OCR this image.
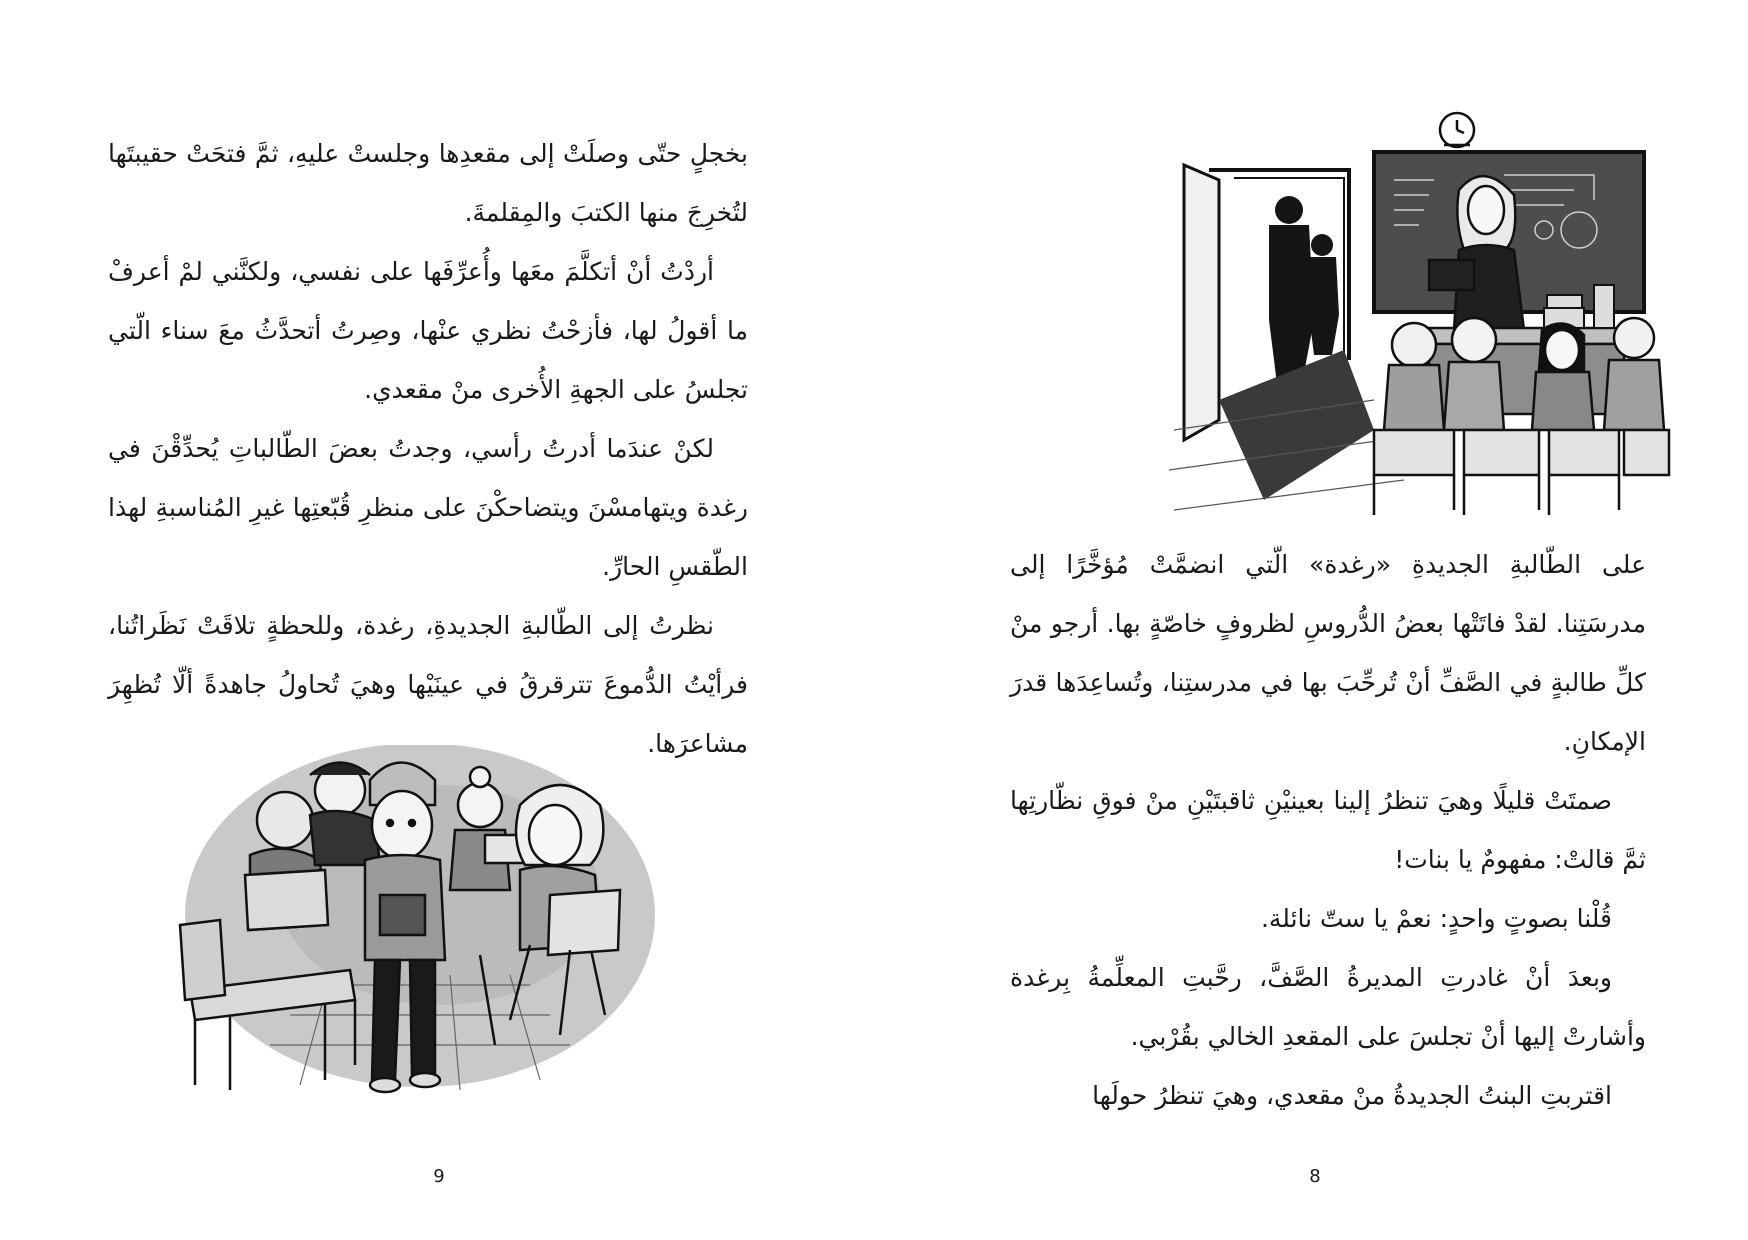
بخجلٍ حتّى وصلَتْ إلى مقعدِها وجلستْ عليهِ، ثمَّ فتحَتْ حقيبتَها لتُخرِجَ منها الكتبَ والمِقلمةَ.

أردْتُ أنْ أتكلَّمَ معَها وأُعرِّفَها على نفسي، ولكنَّني لمْ أعرفْ ما أقولُ لها، فأزحْتُ نظري عنْها، وصِرتُ أتحدَّثُ معَ سناء الّتي تجلسُ على الجهةِ الأُخرى منْ مقعدي.

لكنْ عندَما أدرتُ رأسي، وجدتُ بعضَ الطّالباتِ يُحدِّقْنَ في رغدة ويتهامسْنَ ويتضاحكْنَ على منظرِ قُبّعتِها غيرِ المُناسبةِ لهذا الطّقسِ الحارِّ.

نظرتُ إلى الطّالبةِ الجديدةِ، رغدة، وللحظةٍ تلاقَتْ نَظَراتُنا، فرأيْتُ الدُّموعَ تترقرقُ في عينَيْها وهيَ تُحاولُ جاهدةً ألّا تُظهِرَ مشاعرَها.

9

على الطّالبةِ الجديدةِ «رغدة» الّتي انضمَّتْ مُؤخَّرًا إلى مدرسَتِنا. لقدْ فاتَتْها بعضُ الدُّروسِ لظروفٍ خاصّةٍ بها. أرجو منْ كلِّ طالبةٍ في الصَّفِّ أنْ تُرحِّبَ بها في مدرستِنا، وتُساعِدَها قدرَ الإمكانِ.

صمتَتْ قليلًا وهيَ تنظرُ إلينا بعينيْنِ ثاقبتَيْنِ منْ فوقِ نظّارتِها ثمَّ قالتْ: مفهومٌ يا بنات!

قُلْنا بصوتٍ واحدٍ: نعمْ يا ستّ نائلة.

وبعدَ أنْ غادرتِ المديرةُ الصَّفَّ، رحَّبتِ المعلِّمةُ بِرغدة وأشارتْ إليها أنْ تجلسَ على المقعدِ الخالي بقُرْبي.

اقتربتِ البنتُ الجديدةُ منْ مقعدي، وهيَ تنظرُ حولَها

8
